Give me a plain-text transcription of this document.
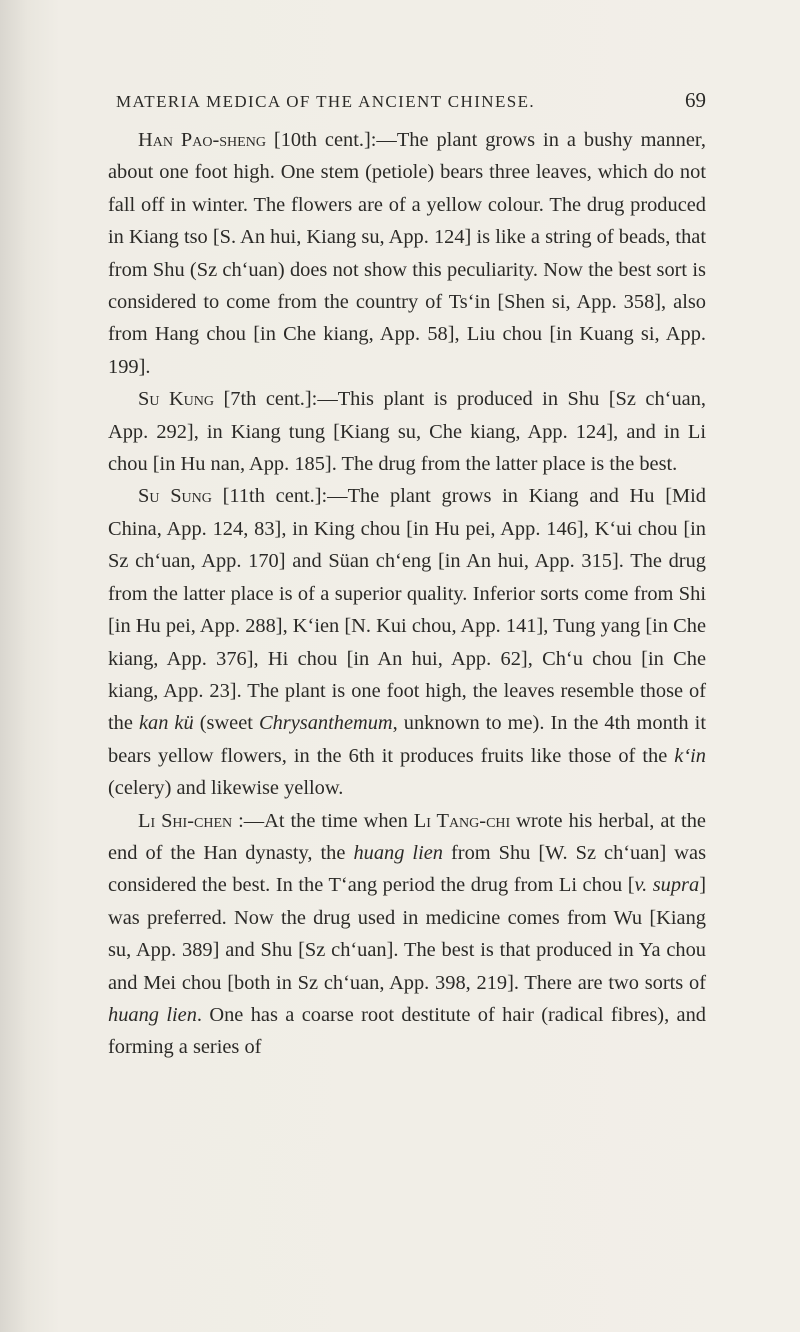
MATERIA MEDICA OF THE ANCIENT CHINESE.	69

Han Pao-sheng [10th cent.]:—The plant grows in a bushy manner, about one foot high. One stem (petiole) bears three leaves, which do not fall off in winter. The flowers are of a yellow colour. The drug produced in Kiang tso [S. An hui, Kiang su, App. 124] is like a string of beads, that from Shu (Sz ch‘uan) does not show this peculiarity. Now the best sort is considered to come from the country of Ts‘in [Shen si, App. 358], also from Hang chou [in Che kiang, App. 58], Liu chou [in Kuang si, App. 199].

Su Kung [7th cent.]:—This plant is produced in Shu [Sz ch‘uan, App. 292], in Kiang tung [Kiang su, Che kiang, App. 124], and in Li chou [in Hu nan, App. 185]. The drug from the latter place is the best.

Su Sung [11th cent.]:—The plant grows in Kiang and Hu [Mid China, App. 124, 83], in King chou [in Hu pei, App. 146], K‘ui chou [in Sz ch‘uan, App. 170] and Süan ch‘eng [in An hui, App. 315]. The drug from the latter place is of a superior quality. Inferior sorts come from Shi [in Hu pei, App. 288], K‘ien [N. Kui chou, App. 141], Tung yang [in Che kiang, App. 376], Hi chou [in An hui, App. 62], Ch‘u chou [in Che kiang, App. 23]. The plant is one foot high, the leaves resemble those of the kan kü (sweet Chrysanthemum, unknown to me). In the 4th month it bears yellow flowers, in the 6th it produces fruits like those of the k‘in (celery) and likewise yellow.

Li Shi-chen :—At the time when Li Tang-chi wrote his herbal, at the end of the Han dynasty, the huang lien from Shu [W. Sz ch‘uan] was considered the best. In the T‘ang period the drug from Li chou [v. supra] was preferred. Now the drug used in medicine comes from Wu [Kiang su, App. 389] and Shu [Sz ch‘uan]. The best is that produced in Ya chou and Mei chou [both in Sz ch‘uan, App. 398, 219]. There are two sorts of huang lien. One has a coarse root destitute of hair (radical fibres), and forming a series of
